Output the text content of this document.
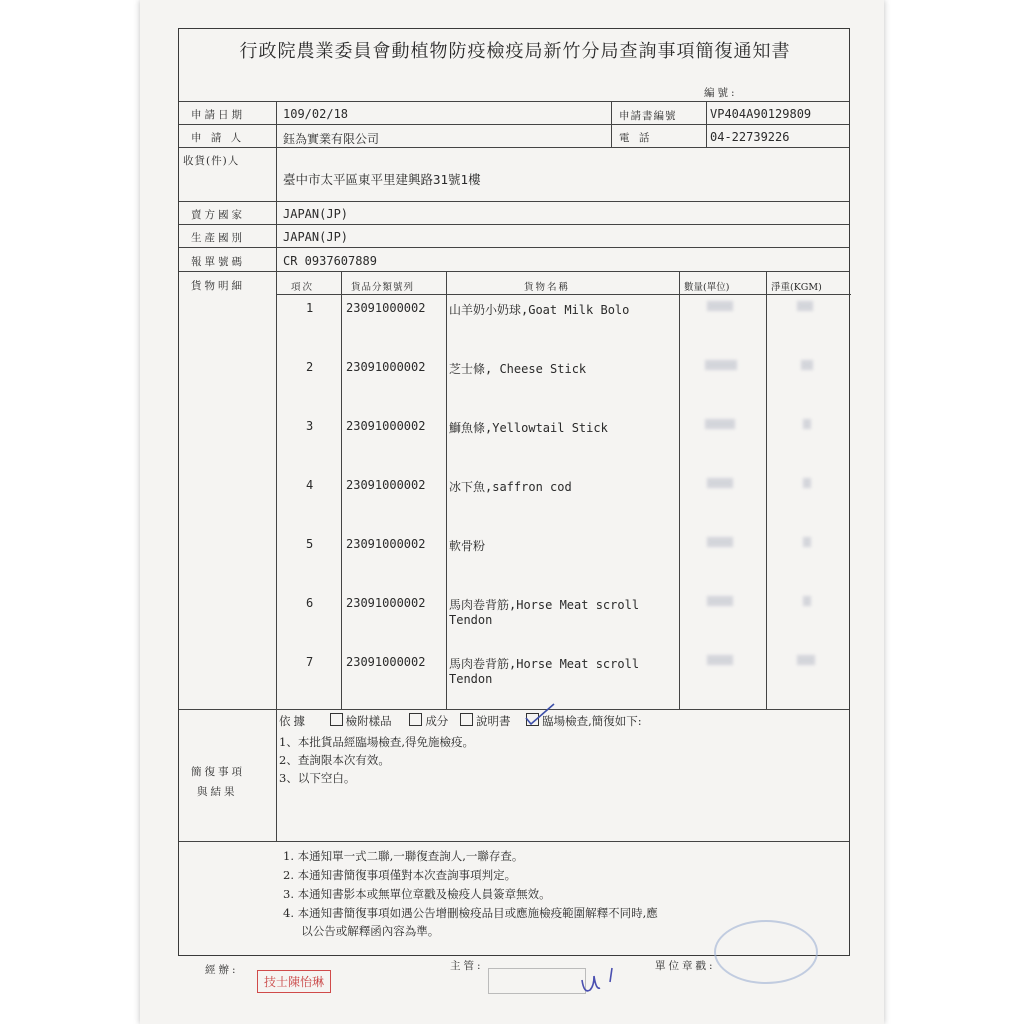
行政院農業委員會動植物防疫檢疫局新竹分局查詢事項簡復通知書
編號:
申請日期	109/02/18	申請書編號	VP404A90129809
申 請 人	鈺為實業有限公司	電 話	04-22739226
收貨(件)人
臺中市太平區東平里建興路31號1樓
賣方國家	JAPAN(JP)
生產國別	JAPAN(JP)
報單號碼	CR 0937607889
貨物明細	項次	貨品分類號列	貨物名稱	數量(單位)	淨重(KGM)
1	23091000002 山羊奶小奶球,Goat Milk Bolo
2	23091000002 芝士條, Cheese Stick
3	23091000002 鰤魚條,Yellowtail Stick
4	23091000002 冰下魚,saffron cod
5	23091000002 軟骨粉
6	23091000002 馬肉卷背筋,Horse Meat scroll
Tendon
7	23091000002 馬肉卷背筋,Horse Meat scroll
Tendon
簡復事項
與結果
依據	檢附樣品	成分 說明書	臨場檢查,簡復如下:
1、本批貨品經臨場檢查,得免施檢疫。
2、查詢限本次有效。
3、以下空白。
1. 本通知單一式二聯,一聯復查詢人,一聯存查。
2. 本通知書簡復事項僅對本次查詢事項判定。
3. 本通知書影本或無單位章戳及檢疫人員簽章無效。
4. 本通知書簡復事項如遇公告增刪檢疫品目或應施檢疫範圍解釋不同時,應
以公告或解釋函內容為準。
經辦:
技士陳怡琳
主管:	單位章戳:
